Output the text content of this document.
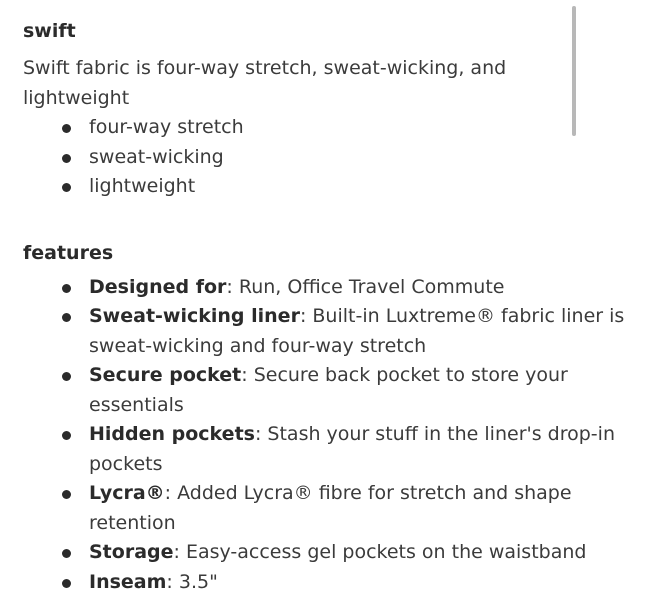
swift

Swift fabric is four-way stretch, sweat-wicking, and lightweight

four-way stretch
sweat-wicking
lightweight
features
Designed for: Run, Office Travel Commute
Sweat-wicking liner: Built-in Luxtreme® fabric liner is sweat-wicking and four-way stretch
Secure pocket: Secure back pocket to store your essentials
Hidden pockets: Stash your stuff in the liner's drop-in pockets
Lycra®: Added Lycra® fibre for stretch and shape retention
Storage: Easy-access gel pockets on the waistband
Inseam: 3.5"
